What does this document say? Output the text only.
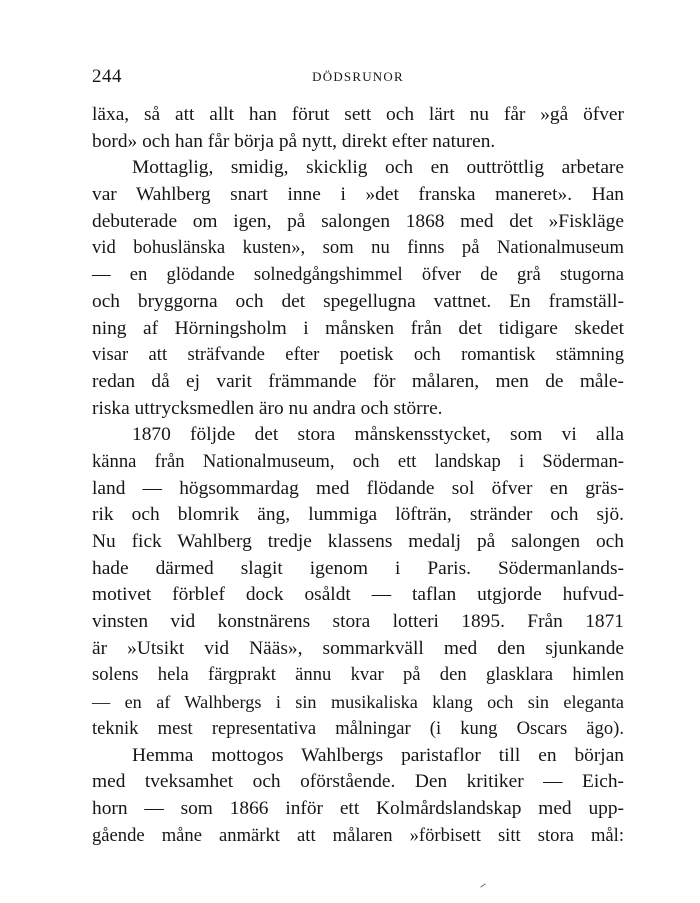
244	DÖDSRUNOR
läxa, så att allt han förut sett och lärt nu får »gå öfver
bord» och han får börja på nytt, direkt efter naturen.
Mottaglig, smidig, skicklig och en outtröttlig arbetare
var Wahlberg snart inne i »det franska maneret». Han
debuterade om igen, på salongen 1868 med det »Fiskläge
vid bohuslänska kusten», som nu finns på Nationalmuseum
— en glödande solnedgångshimmel öfver de grå stugorna
och bryggorna och det spegellugna vattnet. En framställ-
ning af Hörningsholm i månsken från det tidigare skedet
visar att sträfvande efter poetisk och romantisk stämning
redan då ej varit främmande för målaren, men de måle-
riska uttrycksmedlen äro nu andra och större.
1870 följde det stora månskensstycket, som vi alla
känna från Nationalmuseum, och ett landskap i Söderman-
land — högsommardag med flödande sol öfver en gräs-
rik och blomrik äng, lummiga löfträn, stränder och sjö.
Nu fick Wahlberg tredje klassens medalj på salongen och
hade därmed slagit igenom i Paris. Södermanlands-
motivet förblef dock osåldt — taflan utgjorde hufvud-
vinsten vid konstnärens stora lotteri 1895. Från 1871
är »Utsikt vid Nääs», sommarkväll med den sjunkande
solens hela färgprakt ännu kvar på den glasklara himlen
— en af Walhbergs i sin musikaliska klang och sin eleganta
teknik mest representativa målningar (i kung Oscars ägo).
Hemma mottogos Wahlbergs paristaflor till en början
med tveksamhet och oförstående. Den kritiker — Eich-
horn — som 1866 inför ett Kolmårdslandskap med upp-
gående måne anmärkt att målaren »förbisett sitt stora mål:
